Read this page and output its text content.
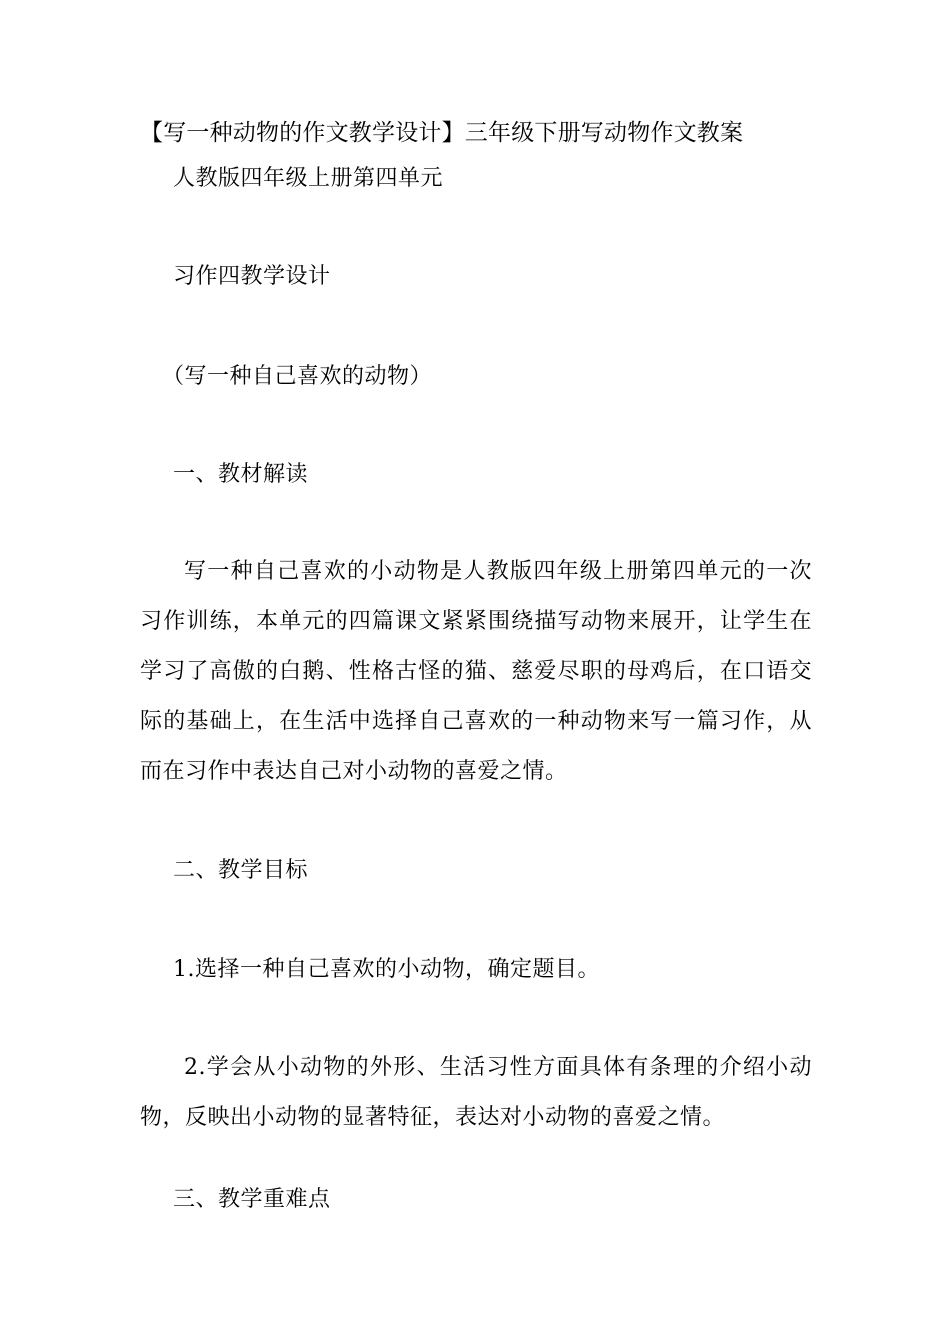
【写一种动物的作文教学设计】三年级下册写动物作文教案
人教版四年级上册第四单元
习作四教学设计
（写一种自己喜欢的动物）
一、教材解读
写一种自己喜欢的小动物是人教版四年级上册第四单元的一次习作训练，本单元的四篇课文紧紧围绕描写动物来展开，让学生在学习了高傲的白鹅、性格古怪的猫、慈爱尽职的母鸡后，在口语交际的基础上，在生活中选择自己喜欢的一种动物来写一篇习作，从而在习作中表达自己对小动物的喜爱之情。
二、教学目标
1.选择一种自己喜欢的小动物，确定题目。
2.学会从小动物的外形、生活习性方面具体有条理的介绍小动物，反映出小动物的显著特征，表达对小动物的喜爱之情。
三、教学重难点
